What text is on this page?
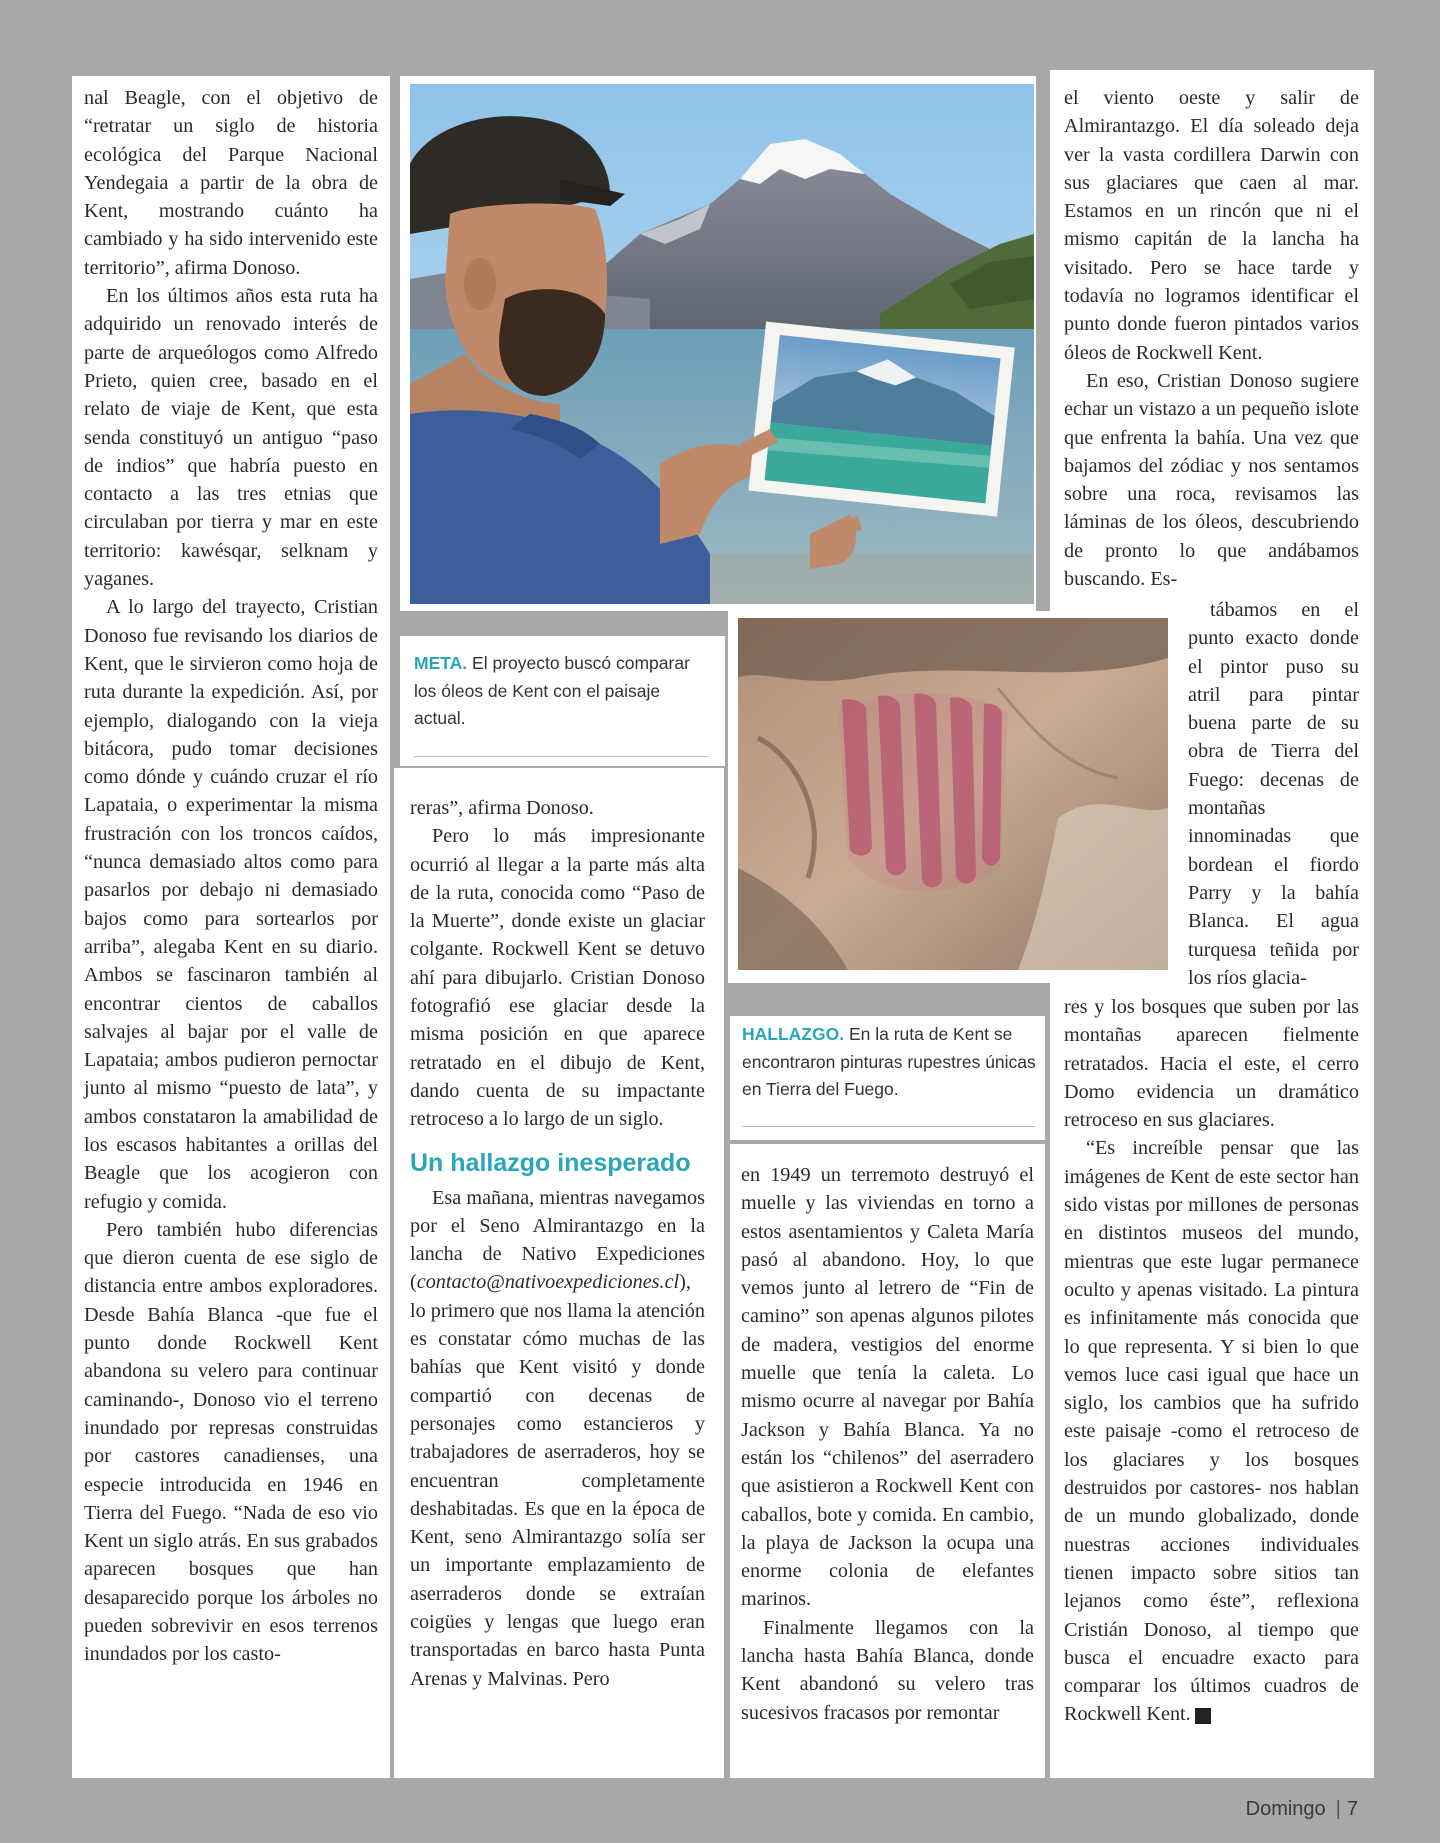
nal Beagle, con el objetivo de “retratar un siglo de historia ecológica del Parque Nacional Yendegaia a partir de la obra de Kent, mostrando cuánto ha cambiado y ha sido intervenido este territorio”, afirma Donoso.

En los últimos años esta ruta ha adquirido un renovado interés de parte de arqueólogos como Alfredo Prieto, quien cree, basado en el relato de viaje de Kent, que esta senda constituyó un antiguo “paso de indios” que habría puesto en contacto a las tres etnias que circulaban por tierra y mar en este territorio: kawésqar, selknam y yaganes.

A lo largo del trayecto, Cristian Donoso fue revisando los diarios de Kent, que le sirvieron como hoja de ruta durante la expedición. Así, por ejemplo, dialogando con la vieja bitácora, pudo tomar decisiones como dónde y cuándo cruzar el río Lapataia, o experimentar la misma frustración con los troncos caídos, “nunca demasiado altos como para pasarlos por debajo ni demasiado bajos como para sortearlos por arriba”, alegaba Kent en su diario. Ambos se fascinaron también al encontrar cientos de caballos salvajes al bajar por el valle de Lapataia; ambos pudieron pernoctar junto al mismo “puesto de lata”, y ambos constataron la amabilidad de los escasos habitantes a orillas del Beagle que los acogieron con refugio y comida.

Pero también hubo diferencias que dieron cuenta de ese siglo de distancia entre ambos exploradores. Desde Bahía Blanca -que fue el punto donde Rockwell Kent abandona su velero para continuar caminando-, Donoso vio el terreno inundado por represas construidas por castores canadienses, una especie introducida en 1946 en Tierra del Fuego. “Nada de eso vio Kent un siglo atrás. En sus grabados aparecen bosques que han desaparecido porque los árboles no pueden sobrevivir en esos terrenos inundados por los casto-

META. El proyecto buscó comparar los óleos de Kent con el paisaje actual.

reras”, afirma Donoso.

Pero lo más impresionante ocurrió al llegar a la parte más alta de la ruta, conocida como “Paso de la Muerte”, donde existe un glaciar colgante. Rockwell Kent se detuvo ahí para dibujarlo. Cristian Donoso fotografió ese glaciar desde la misma posición en que aparece retratado en el dibujo de Kent, dando cuenta de su impactante retroceso a lo largo de un siglo.

Un hallazgo inesperado

Esa mañana, mientras navegamos por el Seno Almirantazgo en la lancha de Nativo Expediciones (contacto@nativoexpediciones.cl), lo primero que nos llama la atención es constatar cómo muchas de las bahías que Kent visitó y donde compartió con decenas de personajes como estancieros y trabajadores de aserraderos, hoy se encuentran completamente deshabitadas. Es que en la época de Kent, seno Almirantazgo solía ser un importante emplazamiento de aserraderos donde se extraían coigües y lengas que luego eran transportadas en barco hasta Punta Arenas y Malvinas. Pero

HALLAZGO. En la ruta de Kent se encontraron pinturas rupestres únicas en Tierra del Fuego.

en 1949 un terremoto destruyó el muelle y las viviendas en torno a estos asentamientos y Caleta María pasó al abandono. Hoy, lo que vemos junto al letrero de “Fin de camino” son apenas algunos pilotes de madera, vestigios del enorme muelle que tenía la caleta. Lo mismo ocurre al navegar por Bahía Jackson y Bahía Blanca. Ya no están los “chilenos” del aserradero que asistieron a Rockwell Kent con caballos, bote y comida. En cambio, la playa de Jackson la ocupa una enorme colonia de elefantes marinos.

Finalmente llegamos con la lancha hasta Bahía Blanca, donde Kent abandonó su velero tras sucesivos fracasos por remontar

el viento oeste y salir de Almirantazgo. El día soleado deja ver la vasta cordillera Darwin con sus glaciares que caen al mar. Estamos en un rincón que ni el mismo capitán de la lancha ha visitado. Pero se hace tarde y todavía no logramos identificar el punto donde fueron pintados varios óleos de Rockwell Kent.

En eso, Cristian Donoso sugiere echar un vistazo a un pequeño islote que enfrenta la bahía. Una vez que bajamos del zódiac y nos sentamos sobre una roca, revisamos las láminas de los óleos, descubriendo de pronto lo que andábamos buscando. Es-

tábamos en el punto exacto donde el pintor puso su atril para pintar buena parte de su obra de Tierra del Fuego: decenas de montañas innominadas que bordean el fiordo Parry y la bahía Blanca. El agua turquesa teñida por los ríos glacia-

res y los bosques que suben por las montañas aparecen fielmente retratados. Hacia el este, el cerro Domo evidencia un dramático retroceso en sus glaciares.

“Es increíble pensar que las imágenes de Kent de este sector han sido vistas por millones de personas en distintos museos del mundo, mientras que este lugar permanece oculto y apenas visitado. La pintura es infinitamente más conocida que lo que representa. Y si bien lo que vemos luce casi igual que hace un siglo, los cambios que ha sufrido este paisaje -como el retroceso de los glaciares y los bosques destruidos por castores- nos hablan de un mundo globalizado, donde nuestras acciones individuales tienen impacto sobre sitios tan lejanos como éste”, reflexiona Cristián Donoso, al tiempo que busca el encuadre exacto para comparar los últimos cuadros de Rockwell Kent. D

Domingo | 7
